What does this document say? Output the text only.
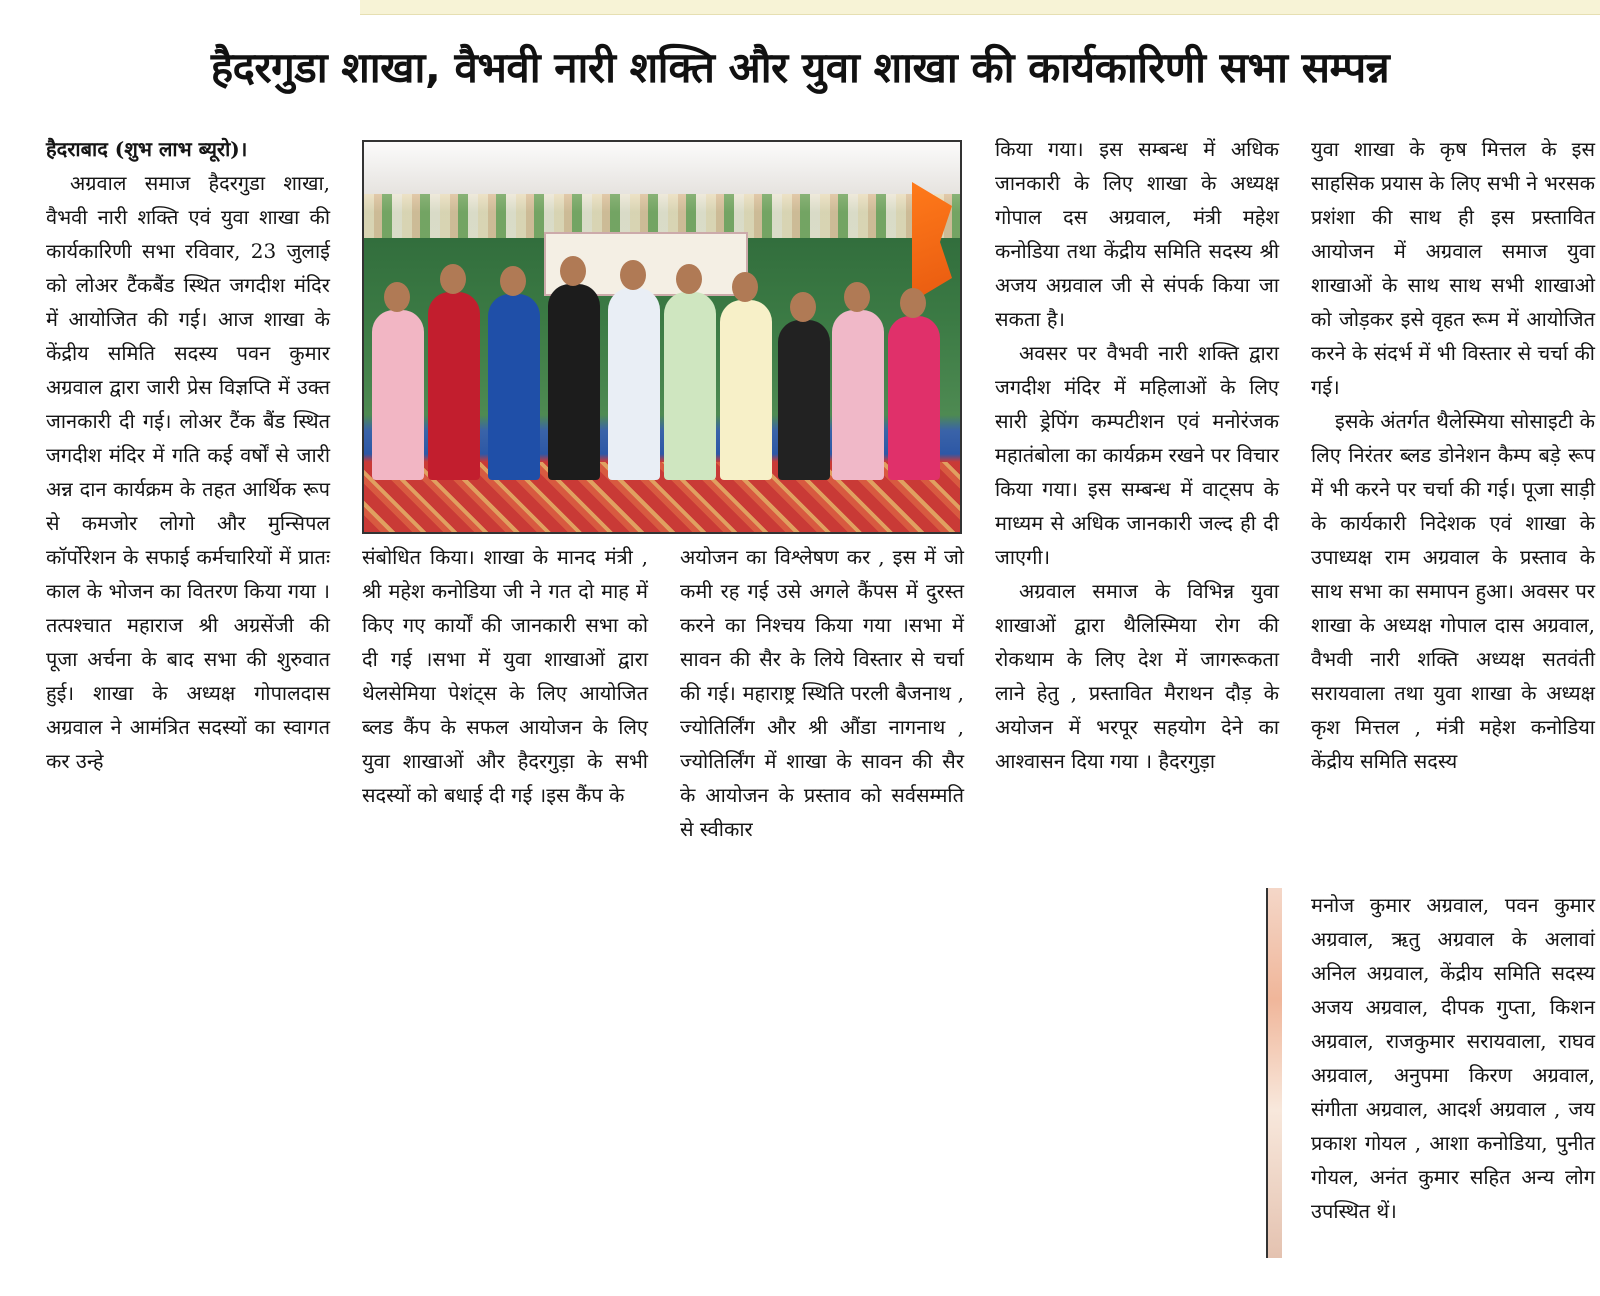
हैदरगुडा शाखा, वैभवी नारी शक्ति और युवा शाखा की कार्यकारिणी सभा सम्पन्न
हैदराबाद (शुभ लाभ ब्यूरो)।

अग्रवाल समाज हैदरगुडा शाखा, वैभवी नारी शक्ति एवं युवा शाखा की कार्यकारिणी सभा रविवार, 23 जुलाई को लोअर टैंकबैंड स्थित जगदीश मंदिर में आयोजित की गई। आज शाखा के केंद्रीय समिति सदस्य पवन कुमार अग्रवाल द्वारा जारी प्रेस विज्ञप्ति में उक्त जानकारी दी गई। लोअर टैंक बैंड स्थित जगदीश मंदिर में गति कई वर्षों से जारी अन्न दान कार्यक्रम के तहत आर्थिक रूप से कमजोर लोगो और मुन्सिपल कॉर्पोरेशन के सफाई कर्मचारियों में प्रातः काल के भोजन का वितरण किया गया । तत्पश्चात महाराज श्री अग्रसेंजी की पूजा अर्चना के बाद सभा की शुरुवात हुई। शाखा के अध्यक्ष गोपालदास अग्रवाल ने आमंत्रित सदस्यों का स्वागत कर उन्हे

संबोधित किया। शाखा के मानद मंत्री , श्री महेश कनोडिया जी ने गत दो माह में किए गए कार्यों की जानकारी सभा को दी गई ।सभा में युवा शाखाओं द्वारा थेलसेमिया पेशंट्स के लिए आयोजित ब्लड कैंप के सफल आयोजन के लिए युवा शाखाओं और हैदरगुड़ा के सभी सदस्यों को बधाई दी गई ।इस कैंप के

अयोजन का विश्लेषण कर , इस में जो कमी रह गई उसे अगले कैंपस में दुरस्त करने का निश्चय किया गया ।सभा में सावन की सैर के लिये विस्तार से चर्चा की गई। महाराष्ट्र स्थिति परली बैजनाथ , ज्योतिर्लिंग और श्री औंडा नागनाथ , ज्योतिर्लिंग में शाखा के सावन की सैर के आयोजन के प्रस्ताव को सर्वसम्मति से स्वीकार

किया गया। इस सम्बन्ध में अधिक जानकारी के लिए शाखा के अध्यक्ष गोपाल दस अग्रवाल, मंत्री महेश कनोडिया तथा केंद्रीय समिति सदस्य श्री अजय अग्रवाल जी से संपर्क किया जा सकता है।

अवसर पर वैभवी नारी शक्ति द्वारा जगदीश मंदिर में महिलाओं के लिए सारी ड्रेपिंग कम्पटीशन एवं मनोरंजक महातंबोला का कार्यक्रम रखने पर विचार किया गया। इस सम्बन्ध में वाट्सप के माध्यम से अधिक जानकारी जल्द ही दी जाएगी।

अग्रवाल समाज के विभिन्न युवा शाखाओं द्वारा थैलिस्मिया रोग की रोकथाम के लिए देश में जागरूकता लाने हेतु , प्रस्तावित मैराथन दौड़ के अयोजन में भरपूर सहयोग देने का आश्वासन दिया गया । हैदरगुड़ा

युवा शाखा के कृष मित्तल के इस साहसिक प्रयास के लिए सभी ने भरसक प्रशंशा की साथ ही इस प्रस्तावित आयोजन में अग्रवाल समाज युवा शाखाओं के साथ साथ सभी शाखाओ को जोड़कर इसे वृहत रूम में आयोजित करने के संदर्भ में भी विस्तार से चर्चा की गई।

इसके अंतर्गत थैलेस्मिया सोसाइटी के लिए निरंतर ब्लड डोनेशन कैम्प बड़े रूप में भी करने पर चर्चा की गई। पूजा साड़ी के कार्यकारी निदेशक एवं शाखा के उपाध्यक्ष राम अग्रवाल के प्रस्ताव के साथ सभा का समापन हुआ। अवसर पर शाखा के अध्यक्ष गोपाल दास अग्रवाल, वैभवी नारी शक्ति अध्यक्ष सतवंती सरायवाला तथा युवा शाखा के अध्यक्ष कृश मित्तल , मंत्री महेश कनोडिया केंद्रीय समिति सदस्य

मनोज कुमार अग्रवाल, पवन कुमार अग्रवाल, ऋतु अग्रवाल के अलावां अनिल अग्रवाल, केंद्रीय समिति सदस्य अजय अग्रवाल, दीपक गुप्ता, किशन अग्रवाल, राजकुमार सरायवाला, राघव अग्रवाल, अनुपमा किरण अग्रवाल, संगीता अग्रवाल, आदर्श अग्रवाल , जय प्रकाश गोयल , आशा कनोडिया, पुनीत गोयल, अनंत कुमार सहित अन्य लोग उपस्थित थें।
